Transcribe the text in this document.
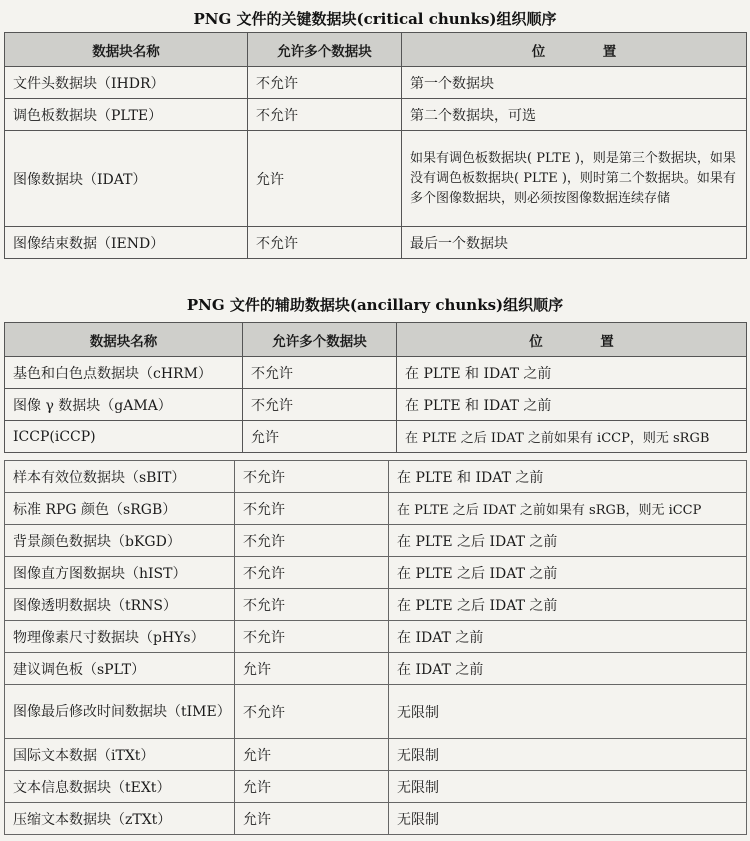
PNG 文件的关键数据块(critical chunks)组织顺序
数据块名称	允许多个数据块	位　置
文件头数据块（IHDR）	不允许	第一个数据块
调色板数据块（PLTE）	不允许	第二个数据块，可选
图像数据块（IDAT）	允许	如果有调色板数据块( PLTE )，则是第三个数据块，如果没有调色板数据块( PLTE )，则时第二个数据块。如果有多个图像数据块，则必须按图像数据连续存储
图像结束数据（IEND）	不允许	最后一个数据块
PNG 文件的辅助数据块(ancillary chunks)组织顺序
数据块名称	允许多个数据块	位　置
基色和白色点数据块（cHRM）	不允许	在 PLTE 和 IDAT 之前
图像 γ 数据块（gAMA）	不允许	在 PLTE 和 IDAT 之前
ICCP(iCCP)	允许	在 PLTE 之后 IDAT 之前如果有 iCCP，则无 sRGB
样本有效位数据块（sBIT）	不允许	在 PLTE 和 IDAT 之前
标准 RPG 颜色（sRGB）	不允许	在 PLTE 之后 IDAT 之前如果有 sRGB，则无 iCCP
背景颜色数据块（bKGD）	不允许	在 PLTE 之后 IDAT 之前
图像直方图数据块（hIST）	不允许	在 PLTE 之后 IDAT 之前
图像透明数据块（tRNS）	不允许	在 PLTE 之后 IDAT 之前
物理像素尺寸数据块（pHYs）	不允许	在 IDAT 之前
建议调色板（sPLT）	允许	在 IDAT 之前
图像最后修改时间数据块（tIME）	不允许	无限制
国际文本数据（iTXt）	允许	无限制
文本信息数据块（tEXt）	允许	无限制
压缩文本数据块（zTXt）	允许	无限制
